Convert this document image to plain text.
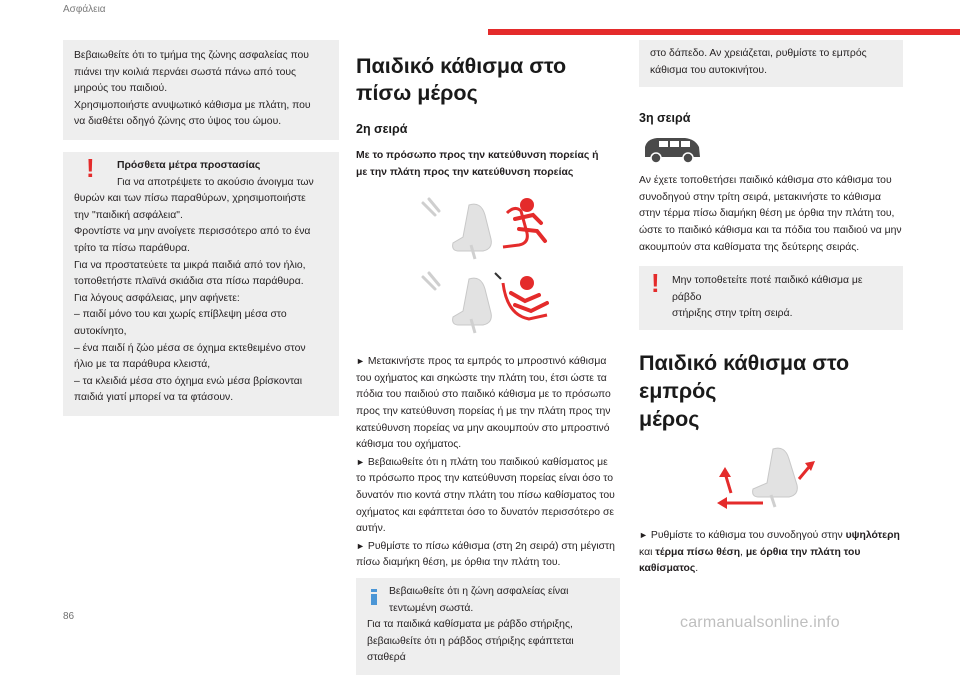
Ασφάλεια

Βεβαιωθείτε ότι το τμήμα της ζώνης ασφαλείας που

πιάνει την κοιλιά περνάει σωστά πάνω από τους

μηρούς του παιδιού.

Χρησιμοποιήστε ανυψωτικό κάθισμα με πλάτη, που

να διαθέτει οδηγό ζώνης στο ύψος του ώμου.

! Πρόσθετα μέτρα προστασίας

Για να αποτρέψετε το ακούσιο άνοιγμα των

θυρών και των πίσω παραθύρων, χρησιμοποιήστε

την "παιδική ασφάλεια".

Φροντίστε να μην ανοίγετε περισσότερο από το ένα

τρίτο τα πίσω παράθυρα.

Για να προστατεύετε τα μικρά παιδιά από τον ήλιο,

τοποθετήστε πλαϊνά σκιάδια στα πίσω παράθυρα.

Για λόγους ασφάλειας, μην αφήνετε:

– παιδί μόνο του και χωρίς επίβλεψη μέσα στο

αυτοκίνητο,

– ένα παιδί ή ζώο μέσα σε όχημα εκτεθειμένο στον

ήλιο με τα παράθυρα κλειστά,

– τα κλειδιά μέσα στο όχημα ενώ μέσα βρίσκονται

παιδιά γιατί μπορεί να τα φτάσουν.

Παιδικό κάθισμα στο πίσω μέρος
2η σειρά

Με το πρόσωπο προς την κατεύθυνση πορείας ή

με την πλάτη προς την κατεύθυνση πορείας

► Μετακινήστε προς τα εμπρός το μπροστινό κάθισμα

του οχήματος και σηκώστε την πλάτη του, έτσι ώστε τα

πόδια του παιδιού στο παιδικό κάθισμα με το πρόσωπο

προς την κατεύθυνση πορείας ή με την πλάτη προς την

κατεύθυνση πορείας να μην ακουμπούν στο μπροστινό

κάθισμα του οχήματος.

► Βεβαιωθείτε ότι η πλάτη του παιδικού καθίσματος με

το πρόσωπο προς την κατεύθυνση πορείας είναι όσο το

δυνατόν πιο κοντά στην πλάτη του πίσω καθίσματος του

οχήματος και εφάπτεται όσο το δυνατόν περισσότερο σε

αυτήν.

► Ρυθμίστε το πίσω κάθισμα (στη 2η σειρά) στη μέγιστη

πίσω διαμήκη θέση, με όρθια την πλάτη του.

Βεβαιωθείτε ότι η ζώνη ασφαλείας είναι

τεντωμένη σωστά.

Για τα παιδικά καθίσματα με ράβδο στήριξης,

βεβαιωθείτε ότι η ράβδος στήριξης εφάπτεται σταθερά

στο δάπεδο. Αν χρειάζεται, ρυθμίστε το εμπρός

κάθισμα του αυτοκινήτου.

3η σειρά

Αν έχετε τοποθετήσει παιδικό κάθισμα στο κάθισμα του

συνοδηγού στην τρίτη σειρά, μετακινήστε το κάθισμα

στην τέρμα πίσω διαμήκη θέση με όρθια την πλάτη του,

ώστε το παιδικό κάθισμα και τα πόδια του παιδιού να μην

ακουμπούν στα καθίσματα της δεύτερης σειράς.

! Μην τοποθετείτε ποτέ παιδικό κάθισμα με ράβδο

στήριξης στην τρίτη σειρά.

Παιδικό κάθισμα στο εμπρός
μέρος

► Ρυθμίστε το κάθισμα του συνοδηγού στην υψηλότερη

και τέρμα πίσω θέση, με όρθια την πλάτη του

καθίσματος.

86	carmanualsonline.info
